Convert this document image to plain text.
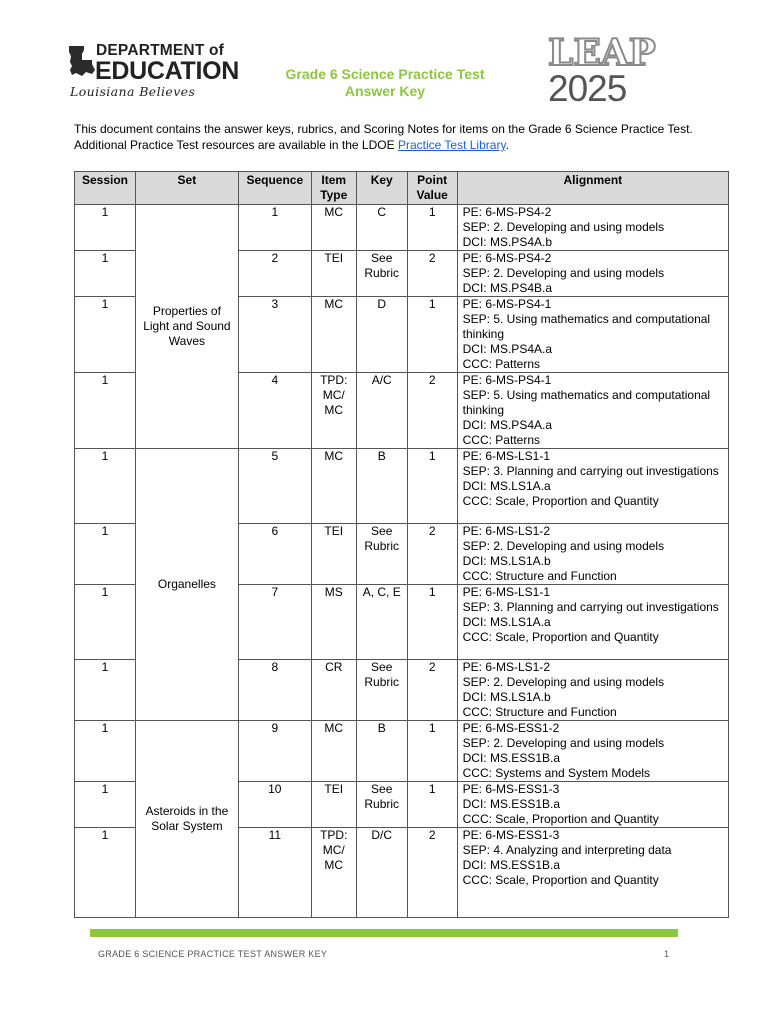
DEPARTMENT of
EDUCATION
Louisiana Believes
Grade 6 Science Practice Test
Answer Key
LEAP
2025
This document contains the answer keys, rubrics, and Scoring Notes for items on the Grade 6 Science Practice Test. Additional Practice Test resources are available in the LDOE Practice Test Library.
Session	Set	Sequence	Item Type	Key	Point Value	Alignment
1	Properties of Light and Sound Waves	1	MC	C	1	PE: 6-MS-PS4-2
SEP: 2. Developing and using models
DCI: MS.PS4A.b

1		2	TEI	See Rubric	2	PE: 6-MS-PS4-2
SEP: 2. Developing and using models
DCI: MS.PS4B.a

1		3	MC	D	1	PE: 6-MS-PS4-1
SEP: 5. Using mathematics and computational thinking
DCI: MS.PS4A.a
CCC: Patterns

1		4	TPD: MC/ MC	A/C	2	PE: 6-MS-PS4-1
SEP: 5. Using mathematics and computational thinking
DCI: MS.PS4A.a
CCC: Patterns

1	Organelles	5	MC	B	1	PE: 6-MS-LS1-1
SEP: 3. Planning and carrying out investigations
DCI: MS.LS1A.a
CCC: Scale, Proportion and Quantity

1		6	TEI	See Rubric	2	PE: 6-MS-LS1-2
SEP: 2. Developing and using models
DCI: MS.LS1A.b
CCC: Structure and Function

1		7	MS	A, C, E	1	PE: 6-MS-LS1-1
SEP: 3. Planning and carrying out investigations
DCI: MS.LS1A.a
CCC: Scale, Proportion and Quantity

1		8	CR	See Rubric	2	PE: 6-MS-LS1-2
SEP: 2. Developing and using models
DCI: MS.LS1A.b
CCC: Structure and Function

1	Asteroids in the Solar System	9	MC	B	1	PE: 6-MS-ESS1-2
SEP: 2. Developing and using models
DCI: MS.ESS1B.a
CCC: Systems and System Models

1		10	TEI	See Rubric	1	PE: 6-MS-ESS1-3
DCI: MS.ESS1B.a
CCC: Scale, Proportion and Quantity

1		11	TPD: MC/ MC	D/C	2	PE: 6-MS-ESS1-3
SEP: 4. Analyzing and interpreting data
DCI: MS.ESS1B.a
CCC: Scale, Proportion and Quantity
GRADE 6 SCIENCE PRACTICE TEST ANSWER KEY	1
